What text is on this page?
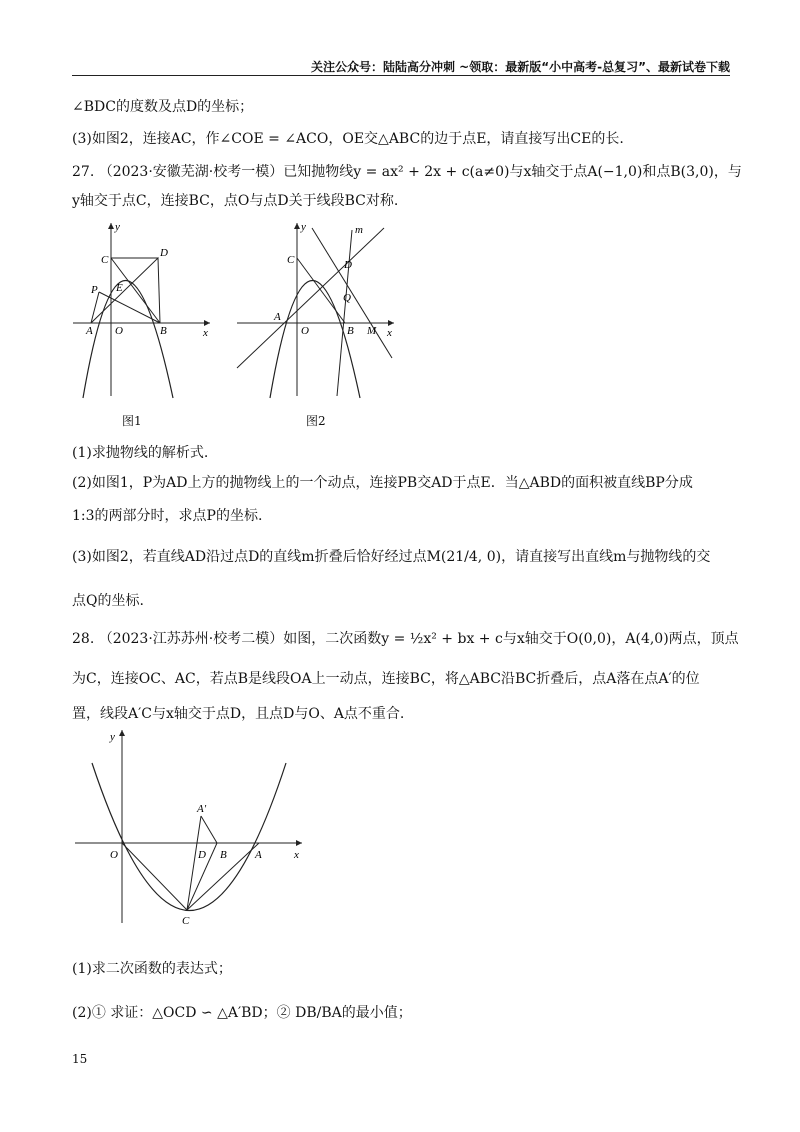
关注公众号：陆陆高分冲刺 ~领取：最新版“小中高考-总复习”、最新试卷下载
∠BDC的度数及点D的坐标；
(3)如图2，连接AC，作∠COE = ∠ACO，OE交△ABC的边于点E，请直接写出CE的长.
27. （2023·安徽芜湖·校考一模）已知抛物线y = ax² + 2x + c(a≠0)与x轴交于点A(−1,0)和点B(3,0)，与
y轴交于点C，连接BC，点O与点D关于线段BC对称.
y
x
C
D
P E
A O	B
图1
y
x
m
C	D
Q
A
O	B M
图2
(1)求抛物线的解析式.
(2)如图1，P为AD上方的抛物线上的一个动点，连接PB交AD于点E．当△ABD的面积被直线BP分成
1:3的两部分时，求点P的坐标.
(3)如图2，若直线AD沿过点D的直线m折叠后恰好经过点M(21/4, 0)，请直接写出直线m与抛物线的交
点Q的坐标.
28. （2023·江苏苏州·校考二模）如图，二次函数y = ½x² + bx + c与x轴交于O(0,0)，A(4,0)两点，顶点
为C，连接OC、AC，若点B是线段OA上一动点，连接BC，将△ABC沿BC折叠后，点A落在点A′的位
置，线段A′C与x轴交于点D，且点D与O、A点不重合.
y
x
A′
O	D B	A
C
(1)求二次函数的表达式；
(2)① 求证：△OCD ∽ △A′BD；② DB/BA的最小值；
15
